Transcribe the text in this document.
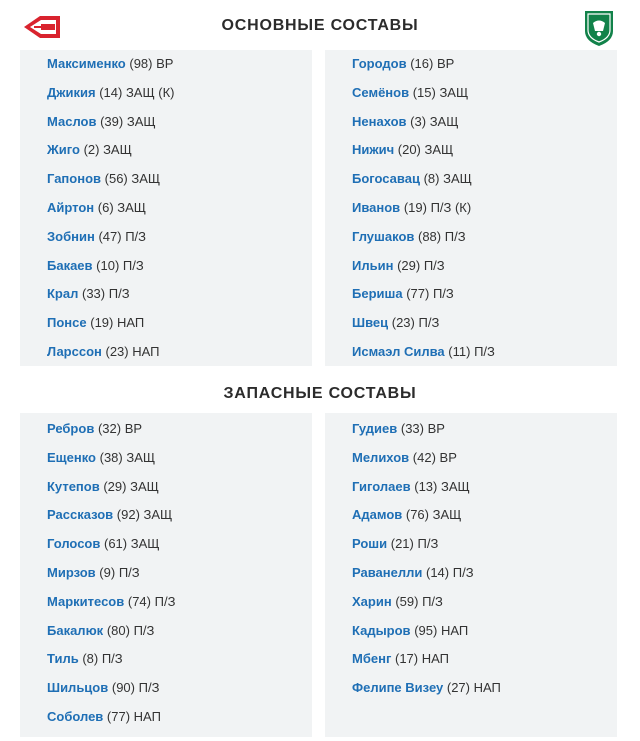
ОСНОВНЫЕ СОСТАВЫ
Максименко (98) ВР
Джикия (14) ЗАЩ (К)
Маслов (39) ЗАЩ
Жиго (2) ЗАЩ
Гапонов (56) ЗАЩ
Айртон (6) ЗАЩ
Зобнин (47) П/З
Бакаев (10) П/З
Крал (33) П/З
Понсе (19) НАП
Ларссон (23) НАП
Городов (16) ВР
Семёнов (15) ЗАЩ
Ненахов (3) ЗАЩ
Нижич (20) ЗАЩ
Богосавац (8) ЗАЩ
Иванов (19) П/З (К)
Глушаков (88) П/З
Ильин (29) П/З
Бериша (77) П/З
Швец (23) П/З
Исмаэл Силва (11) П/З
ЗАПАСНЫЕ СОСТАВЫ
Ребров (32) ВР
Ещенко (38) ЗАЩ
Кутепов (29) ЗАЩ
Рассказов (92) ЗАЩ
Голосов (61) ЗАЩ
Мирзов (9) П/З
Маркитесов (74) П/З
Бакалюк (80) П/З
Тиль (8) П/З
Шильцов (90) П/З
Соболев (77) НАП
Гудиев (33) ВР
Мелихов (42) ВР
Гиголаев (13) ЗАЩ
Адамов (76) ЗАЩ
Роши (21) П/З
Раванелли (14) П/З
Харин (59) П/З
Кадыров (95) НАП
Мбенг (17) НАП
Фелипе Визеу (27) НАП
